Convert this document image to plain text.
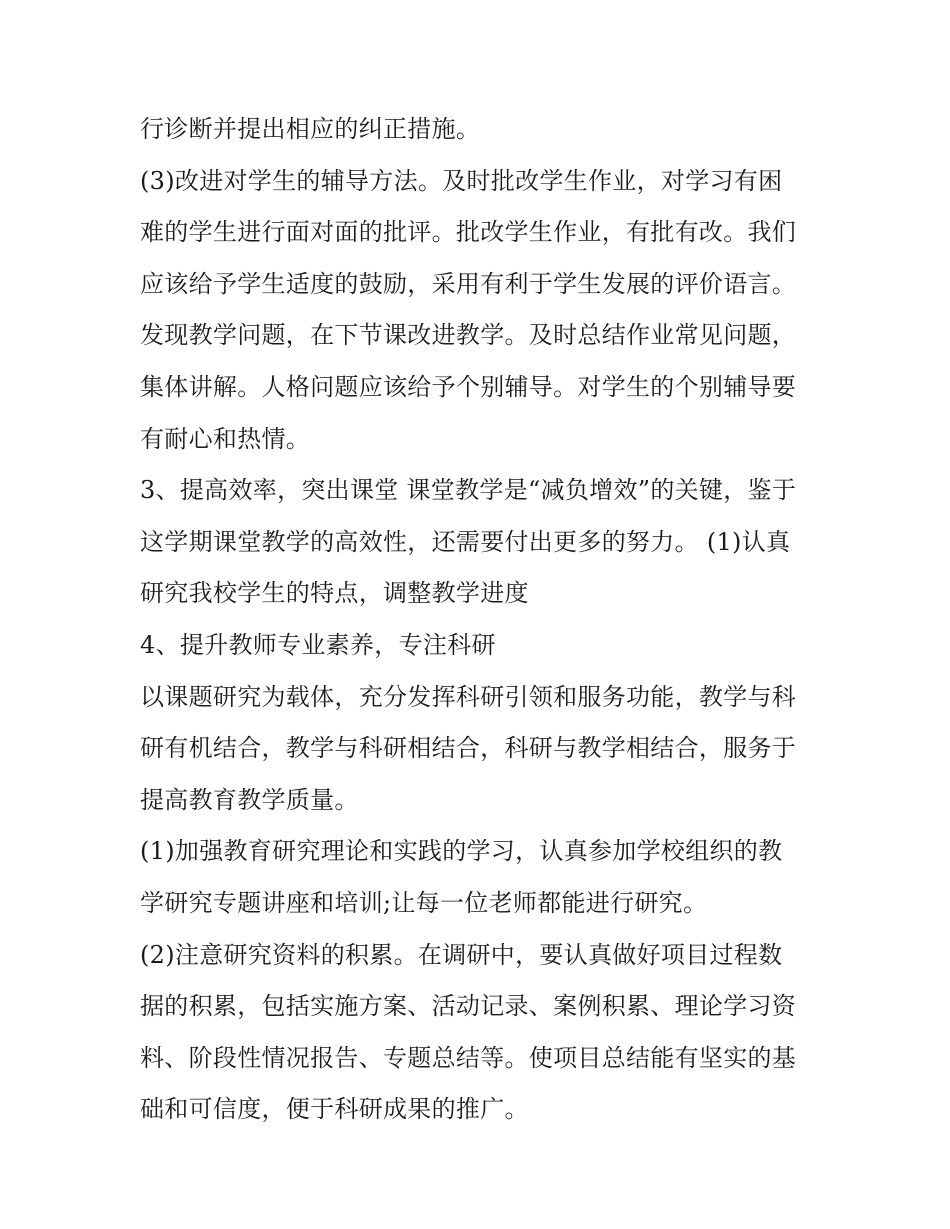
行诊断并提出相应的纠正措施。
(3)改进对学生的辅导方法。及时批改学生作业，对学习有困
难的学生进行面对面的批评。批改学生作业，有批有改。我们
应该给予学生适度的鼓励，采用有利于学生发展的评价语言。
发现教学问题，在下节课改进教学。及时总结作业常见问题，
集体讲解。人格问题应该给予个别辅导。对学生的个别辅导要
有耐心和热情。
3、提高效率，突出课堂 课堂教学是“减负增效”的关键，鉴于
这学期课堂教学的高效性，还需要付出更多的努力。 (1)认真
研究我校学生的特点，调整教学进度
4、提升教师专业素养，专注科研
以课题研究为载体，充分发挥科研引领和服务功能，教学与科
研有机结合，教学与科研相结合，科研与教学相结合，服务于
提高教育教学质量。
(1)加强教育研究理论和实践的学习，认真参加学校组织的教
学研究专题讲座和培训;让每一位老师都能进行研究。
(2)注意研究资料的积累。在调研中，要认真做好项目过程数
据的积累，包括实施方案、活动记录、案例积累、理论学习资
料、阶段性情况报告、专题总结等。使项目总结能有坚实的基
础和可信度，便于科研成果的推广。
